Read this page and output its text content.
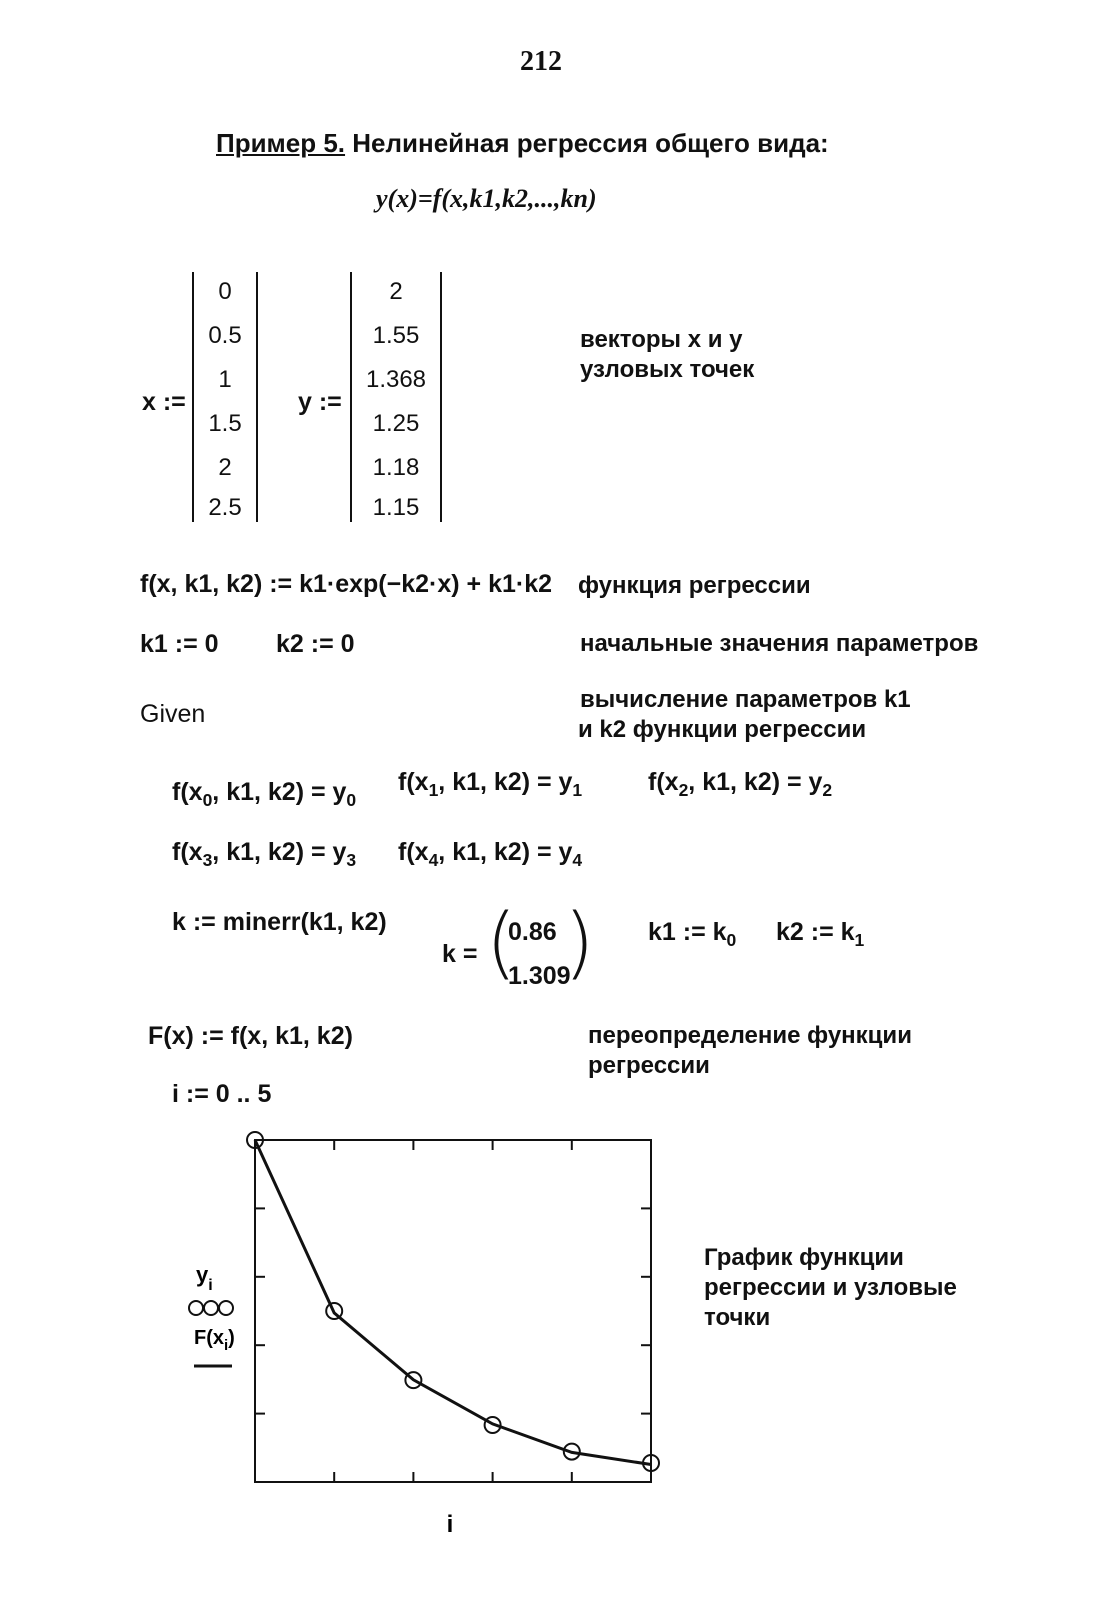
212
Пример 5. Нелинейная регрессия общего вида:
y(x)=f(x,k1,k2,...,kn)
x :=
0
0.5
1
1.5
2
2.5
y :=
2
1.55
1.368
1.25
1.18
1.15
векторы x и y
узловых точек
f(x, k1, k2) := k1·exp(−k2·x) + k1·k2 функция регрессии
k1 := 0 k2 := 0	начальные значения параметров
Given
вычисление параметров k1
и k2 функции регрессии
$f(x_0$, k1, $k2) = y_0$
$f(x_1$, k1, $k2) = y_1$	$f(x_2$, k1, $k2) = y_2$
$f(x_3$, k1, $k2) = y_3$ $f(x_4$, k1, $k2) = y_4$
k := minerr(k1, k2)
k = (
0.86
1.309
) k1 := $k_0$ k2 := $k_1$
F(x) := f(x, k1, k2)	переопределение функции
регрессии
i := 0 .. 5
$y_i$
$F(x_i)$
i
График функции
регрессии и узловые
точки
